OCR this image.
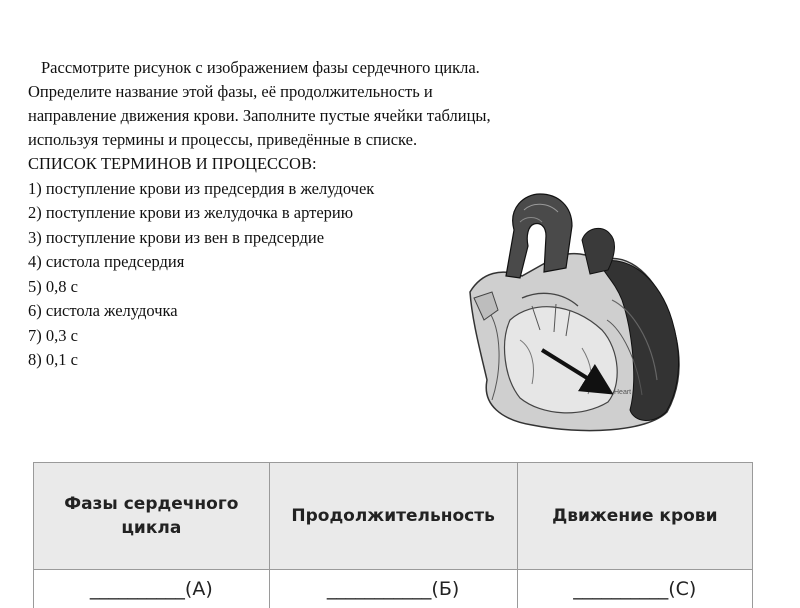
Рассмотрите рисунок с изображением фазы сердечного цикла.
Определите название этой фазы, её продолжительность и
направление движения крови. Заполните пустые ячейки таблицы,
используя термины и процессы, приведённые в списке.
СПИСОК ТЕРМИНОВ И ПРОЦЕССОВ:
1) поступление крови из предсердия в желудочек
2) поступление крови из желудочка в артерию
3) поступление крови из вен в предсердие
4) систола предсердия
5) 0,8 с
6) систола желудочка
7) 0,3 с
8) 0,1 с
Heart
Фазы сердечного цикла	Продолжительность	Движение крови
__________(А)	___________(Б)	__________(С)
